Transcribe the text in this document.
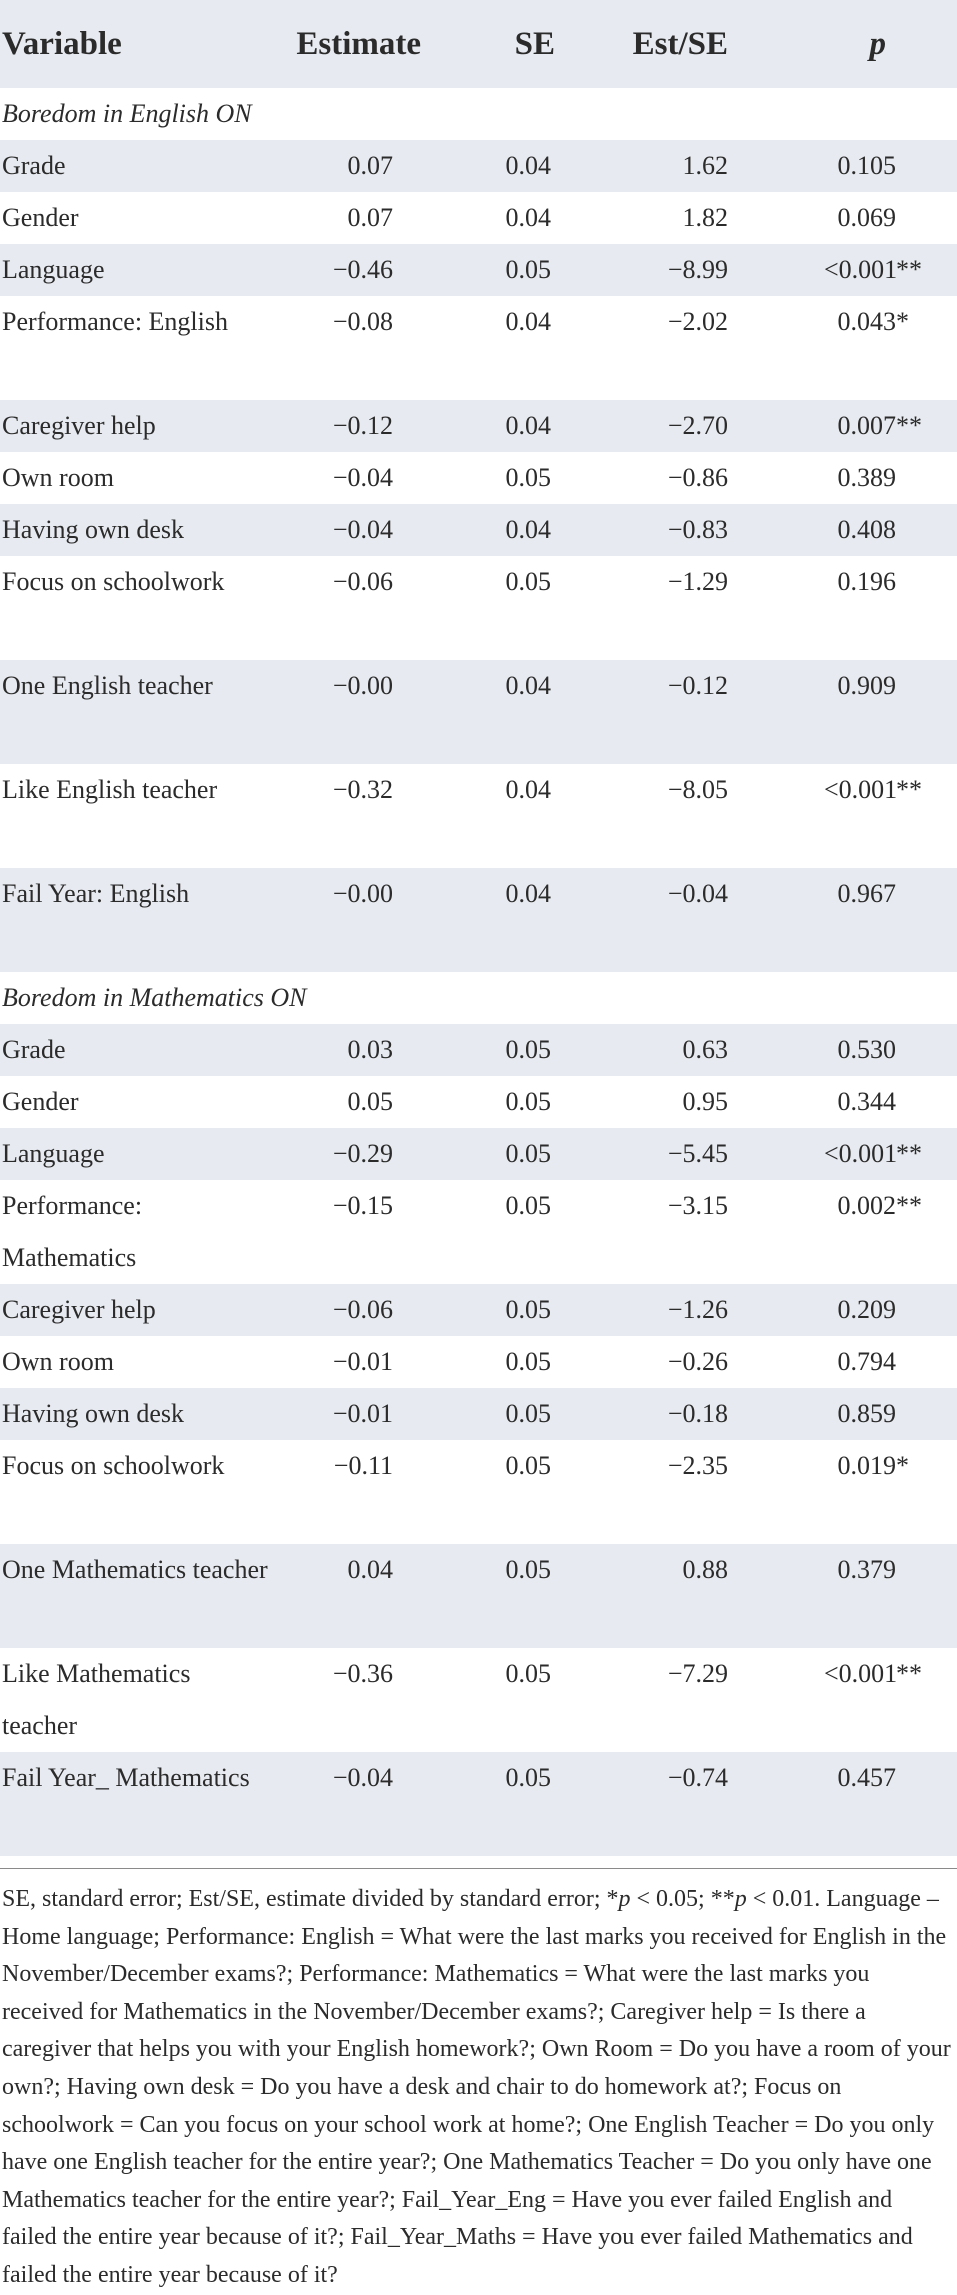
Variable	Estimate	SE	Est/SE	p
Boredom in English ON				
Grade	0.07	0.04	1.62	0.105
Gender	0.07	0.04	1.82	0.069
Language	−0.46	0.05	−8.99	<0.001**
Performance: English	−0.08	0.04	−2.02	0.043*
Caregiver help	−0.12	0.04	−2.70	0.007**
Own room	−0.04	0.05	−0.86	0.389
Having own desk	−0.04	0.04	−0.83	0.408
Focus on schoolwork	−0.06	0.05	−1.29	0.196
One English teacher	−0.00	0.04	−0.12	0.909
Like English teacher	−0.32	0.04	−8.05	<0.001**
Fail Year: English	−0.00	0.04	−0.04	0.967
Boredom in Mathematics ON				
Grade	0.03	0.05	0.63	0.530
Gender	0.05	0.05	0.95	0.344
Language	−0.29	0.05	−5.45	<0.001**
Performance: Mathematics	−0.15	0.05	−3.15	0.002**
Caregiver help	−0.06	0.05	−1.26	0.209
Own room	−0.01	0.05	−0.26	0.794
Having own desk	−0.01	0.05	−0.18	0.859
Focus on schoolwork	−0.11	0.05	−2.35	0.019*
One Mathematics teacher	0.04	0.05	0.88	0.379
Like Mathematics teacher	−0.36	0.05	−7.29	<0.001**
Fail Year_ Mathematics	−0.04	0.05	−0.74	0.457
SE, standard error; Est/SE, estimate divided by standard error; *p < 0.05; **p < 0.01. Language – Home language; Performance: English = What were the last marks you received for English in the November/December exams?; Performance: Mathematics = What were the last marks you received for Mathematics in the November/December exams?; Caregiver help = Is there a caregiver that helps you with your English homework?; Own Room = Do you have a room of your own?; Having own desk = Do you have a desk and chair to do homework at?; Focus on schoolwork = Can you focus on your school work at home?; One English Teacher = Do you only have one English teacher for the entire year?; One Mathematics Teacher = Do you only have one Mathematics teacher for the entire year?; Fail_Year_Eng = Have you ever failed English and failed the entire year because of it?; Fail_Year_Maths = Have you ever failed Mathematics and failed the entire year because of it?
